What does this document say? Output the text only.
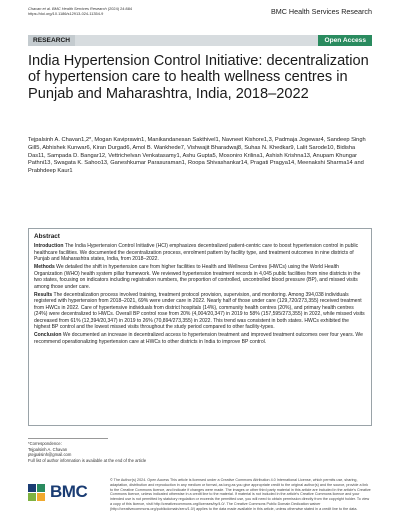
Chavan et al. BMC Health Services Research (2024) 24:884
https://doi.org/10.1186/s12913-024-11354-9	BMC Health Services Research
RESEARCH	Open Access
India Hypertension Control Initiative: decentralization of hypertension care to health wellness centres in Punjab and Maharashtra, India, 2018–2022
Tejpalsinh A. Chavan1,2*, Mogan Kaviprawin1, Manikandanesan Sakthivel1, Navneet Kishore1,3, Padmaja Jogewar4, Sandeep Singh Gill5, Abhishek Kunwar6, Kiran Durgad6, Amol B. Wankhede7, Vishwajit Bharadwaj8, Suhas N. Khedkar9, Lalit Sarode10, Bidisha Das11, Sampada D. Bangar12, Vettrichelvan Venkatasamy1, Ashu Gupta5, Mosoniro Krilina1, Ashish Krishna13, Anupam Khungar Pathni13, Swagata K. Sahoo13, Ganeshkumar Parasuraman1, Roopa Shivashankar14, Pragati Pragya14, Meenakshi Sharma14 and Prabhdeep Kaur1
Abstract

Introduction The India Hypertension Control Initiative (HCI) emphasizes decentralized patient-centric care to boost hypertension control in public healthcare facilities. We documented the decentralization process, enrolment pattern by facility type, and treatment outcomes in nine districts of Punjab and Maharashtra states, India, from 2018–2022.

Methods We detailed the shift in hypertension care from higher facilities to Health and Wellness Centres (HWCs) using the World Health Organization (WHO) health system pillar framework. We reviewed hypertension treatment records in 4,045 public facilities from nine districts in the two states, focusing on indicators including registration numbers, the proportion of controlled, uncontrolled blood pressure (BP), and missed visits among those under care.

Results The decentralization process involved training, treatment protocol provision, supervision, and monitoring. Among 394,038 individuals registered with hypertension from 2018–2021, 69% were under care in 2022. Nearly half of those under care (129,720/273,355) received treatment from HWCs in 2022. Care of hypertensive individuals from district hospitals (14%), community health centres (20%), and primary health centres (24%) were decentralized to HWCs. Overall BP control rose from 20% (4,004/20,347) in 2019 to 58% (157,595/273,355) in 2022, while missed visits decreased from 61% (12,394/20,347) in 2019 to 26% (70,894/273,355) in 2022. This trend was consistent in both states. HWCs exhibited the highest BP control and the lowest missed visits throughout the study period compared to other facility-types.

Conclusion We documented an increase in decentralized access to hypertension treatment and improved treatment outcomes over four years. We recommend operationalizing hypertension care at HWCs to other districts in India to improve BP control.

*Correspondence:
Tejpalsinh A. Chavan
ptejpalsinh@gmail.com
Full list of author information is available at the end of the article
BMC
© The Author(s) 2024. Open Access This article is licensed under a Creative Commons Attribution 4.0 International License, which permits use, sharing, adaptation, distribution and reproduction in any medium or format, as long as you give appropriate credit to the original author(s) and the source, provide a link to the Creative Commons licence, and indicate if changes were made. The images or other third party material in this article are included in the article's Creative Commons licence, unless indicated otherwise in a credit line to the material. If material is not included in the article's Creative Commons licence and your intended use is not permitted by statutory regulation or exceeds the permitted use, you will need to obtain permission directly from the copyright holder. To view a copy of this licence, visit http://creativecommons.org/licenses/by/4.0/. The Creative Commons Public Domain Dedication waiver (http://creativecommons.org/publicdomain/zero/1.0/) applies to the data made available in this article, unless otherwise stated in a credit line to the data.
